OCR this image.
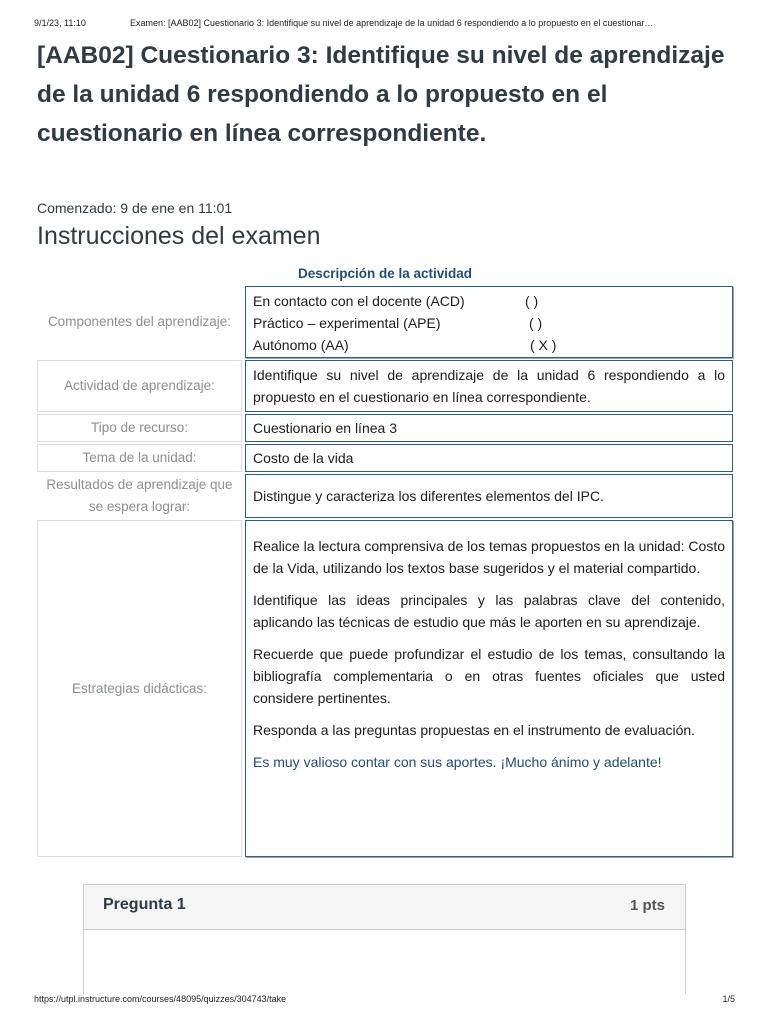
9/1/23, 11:10	Examen: [AAB02] Cuestionario 3: Identifique su nivel de aprendizaje de la unidad 6 respondiendo a lo propuesto en el cuestionar…
[AAB02] Cuestionario 3: Identifique su nivel de aprendizaje de la unidad 6 respondiendo a lo propuesto en el cuestionario en línea correspondiente.

Comenzado: 9 de ene en 11:01

Instrucciones del examen
Descripción de la actividad
Componentes del aprendizaje:
En contacto con el docente (ACD)	( )
Práctico – experimental (APE)	( )
Autónomo (AA)	( X )
Actividad de aprendizaje:
Identifique su nivel de aprendizaje de la unidad 6 respondiendo a lo propuesto en el cuestionario en línea correspondiente.
Tipo de recurso:	Cuestionario en línea 3
Tema de la unidad:	Costo de la vida
Resultados de aprendizaje que se espera lograr:
Distingue y caracteriza los diferentes elementos del IPC.
Estrategias didácticas:

Realice la lectura comprensiva de los temas propuestos en la unidad: Costo de la Vida, utilizando los textos base sugeridos y el material compartido.

Identifique las ideas principales y las palabras clave del contenido, aplicando las técnicas de estudio que más le aporten en su aprendizaje.

Recuerde que puede profundizar el estudio de los temas, consultando la bibliografía complementaria o en otras fuentes oficiales que usted considere pertinentes.

Responda a las preguntas propuestas en el instrumento de evaluación.

Es muy valioso contar con sus aportes. ¡Mucho ánimo y adelante!

Pregunta 1	1 pts
https://utpl.instructure.com/courses/48095/quizzes/304743/take	1/5
